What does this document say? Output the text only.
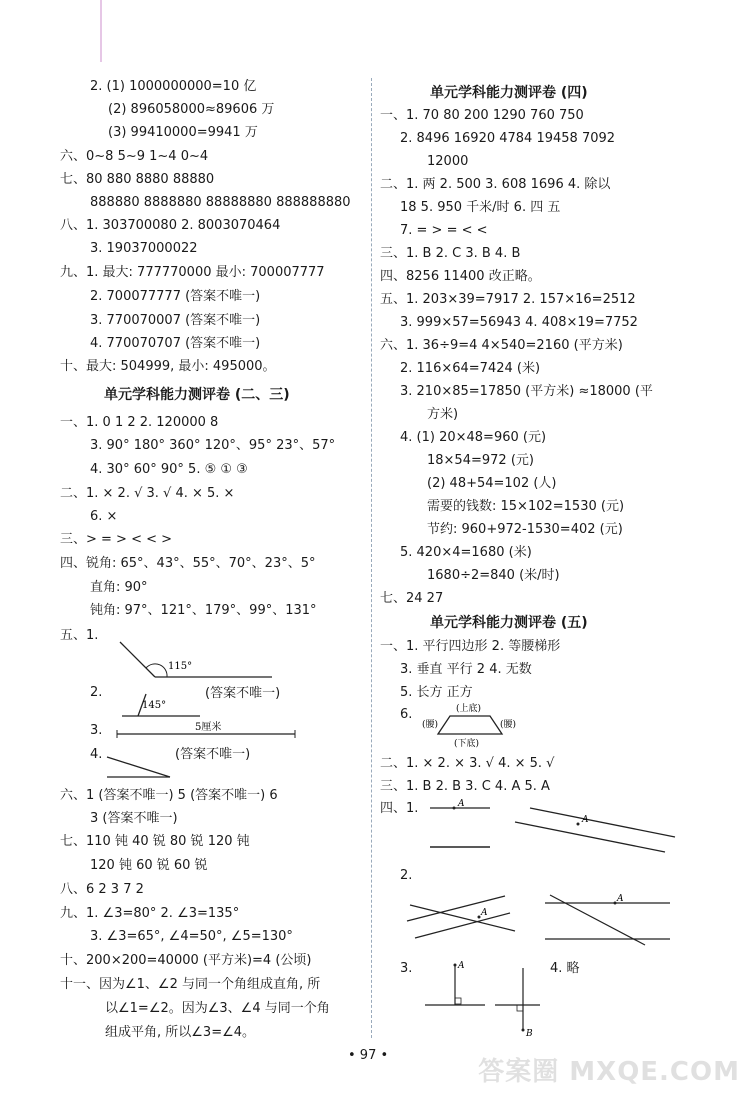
2. (1) 1000000000=10 亿
(2) 896058000≈89606 万
(3) 99410000=9941 万
六、0~8 5~9 1~4 0~4
七、80 880 8880 88880
888880 8888880 88888880 888888880
八、1. 303700080 2. 8003070464
3. 19037000022
九、1. 最大: 777770000 最小: 700007777
2. 700077777 (答案不唯一)
3. 770070007 (答案不唯一)
4. 770070707 (答案不唯一)
十、最大: 504999, 最小: 495000。
单元学科能力测评卷 (二、三)
一、1. 0 1 2 2. 120000 8
3. 90° 180° 360° 120°、95° 23°、57°
4. 30° 60° 90° 5. ⑤ ① ③
二、1. × 2. √ 3. √ 4. × 5. ×
6. ×
三、> = > < < >
四、锐角: 65°、43°、55°、70°、23°、5°
直角: 90°
钝角: 97°、121°、179°、99°、131°
五、1.
115°
2.
145°
(答案不唯一)
3.	5厘米
4.	(答案不唯一)
六、1 (答案不唯一) 5 (答案不唯一) 6
3 (答案不唯一)
七、110 钝 40 锐 80 锐 120 钝
120 钝 60 锐 60 锐
八、6 2 3 7 2
九、1. ∠3=80° 2. ∠3=135°
3. ∠3=65°, ∠4=50°, ∠5=130°
十、200×200=40000 (平方米)=4 (公顷)
十一、因为∠1、∠2 与同一个角组成直角, 所
以∠1=∠2。因为∠3、∠4 与同一个角
组成平角, 所以∠3=∠4。
单元学科能力测评卷 (四)
一、1. 70 80 200 1290 760 750
2. 8496 16920 4784 19458 7092
12000
二、1. 两 2. 500 3. 608 1696 4. 除以
18 5. 950 千米/时 6. 四 五
7. = > = < <
三、1. B 2. C 3. B 4. B
四、8256 11400 改正略。
五、1. 203×39=7917 2. 157×16=2512
3. 999×57=56943 4. 408×19=7752
六、1. 36÷9=4 4×540=2160 (平方米)
2. 116×64=7424 (米)
3. 210×85=17850 (平方米) ≈18000 (平
方米)
4. (1) 20×48=960 (元)
18×54=972 (元)
(2) 48+54=102 (人)
需要的钱数: 15×102=1530 (元)
节约: 960+972-1530=402 (元)
5. 420×4=1680 (米)
1680÷2=840 (米/时)
七、24 27
单元学科能力测评卷 (五)
一、1. 平行四边形 2. 等腰梯形
3. 垂直 平行 2 4. 无数
5. 长方 正方
6.	(上底)
(腰)	(腰)
(下底)
二、1. × 2. × 3. √ 4. × 5. √
三、1. B 2. B 3. C 4. A 5. A
四、1.	A
A
2.
A
A
3.	4. 略
A
B
• 97 •
答案圈 MXQE.COM
